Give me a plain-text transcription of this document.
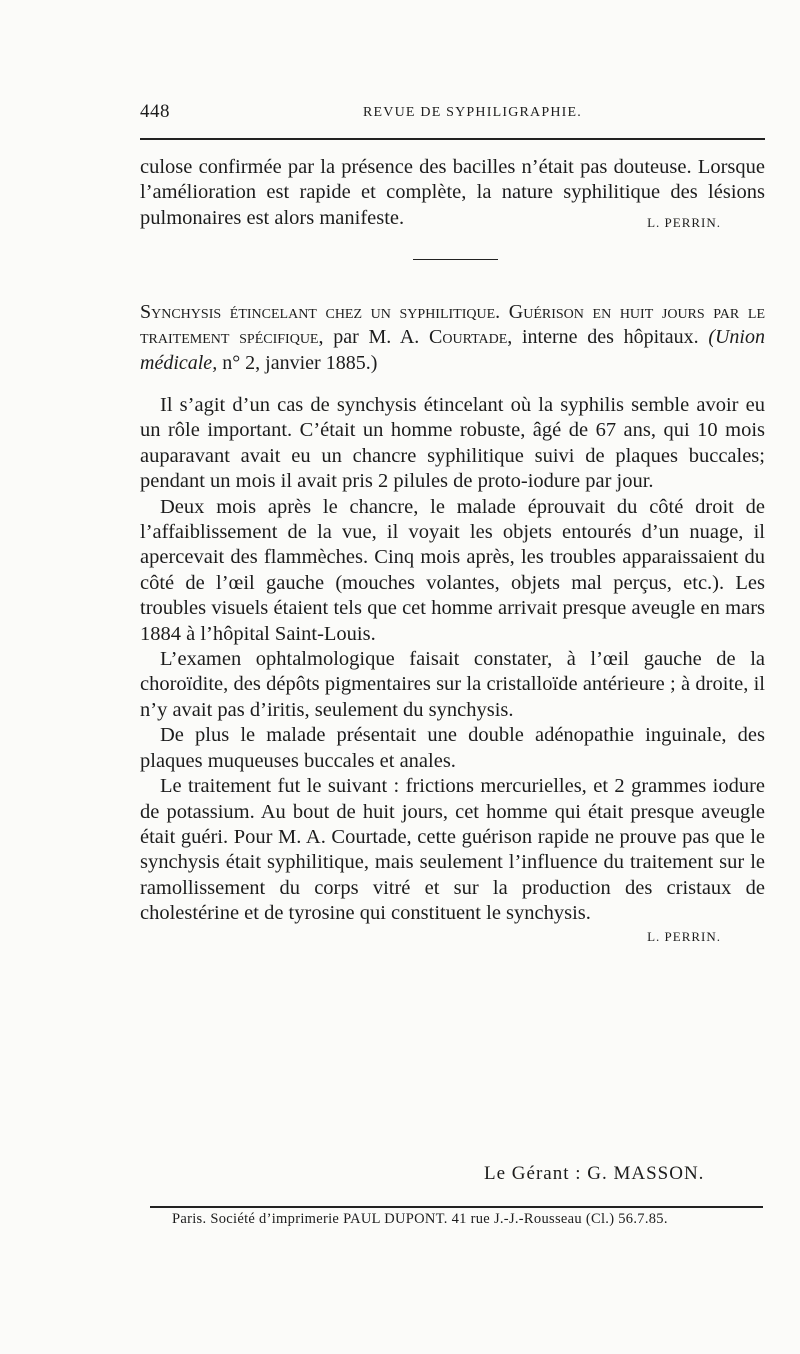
448	REVUE DE SYPHILIGRAPHIE.

culose confirmée par la présence des bacilles n’était pas douteuse. Lorsque l’amélioration est rapide et complète, la nature syphilitique des lésions pulmonaires est alors manifeste.	L. PERRIN.

Synchysis étincelant chez un syphilitique. Guérison en huit jours par le traitement spécifique, par M. A. Courtade, interne des hôpitaux. (Union médicale, n° 2, janvier 1885.)

Il s’agit d’un cas de synchysis étincelant où la syphilis semble avoir eu un rôle important. C’était un homme robuste, âgé de 67 ans, qui 10 mois auparavant avait eu un chancre syphilitique suivi de plaques buccales; pendant un mois il avait pris 2 pilules de proto-iodure par jour.

Deux mois après le chancre, le malade éprouvait du côté droit de l’affaiblissement de la vue, il voyait les objets entourés d’un nuage, il apercevait des flammèches. Cinq mois après, les troubles apparaissaient du côté de l’œil gauche (mouches volantes, objets mal perçus, etc.). Les troubles visuels étaient tels que cet homme arrivait presque aveugle en mars 1884 à l’hôpital Saint-Louis.

L’examen ophtalmologique faisait constater, à l’œil gauche de la choroïdite, des dépôts pigmentaires sur la cristalloïde antérieure ; à droite, il n’y avait pas d’iritis, seulement du synchysis.

De plus le malade présentait une double adénopathie inguinale, des plaques muqueuses buccales et anales.

Le traitement fut le suivant : frictions mercurielles, et 2 grammes iodure de potassium. Au bout de huit jours, cet homme qui était presque aveugle était guéri. Pour M. A. Courtade, cette guérison rapide ne prouve pas que le synchysis était syphilitique, mais seulement l’influence du traitement sur le ramollissement du corps vitré et sur la production des cristaux de cholestérine et de tyrosine qui constituent le synchysis.

L. PERRIN.

Le Gérant : G. MASSON.
Paris. Société d’imprimerie PAUL DUPONT. 41 rue J.-J.-Rousseau (Cl.) 56.7.85.
